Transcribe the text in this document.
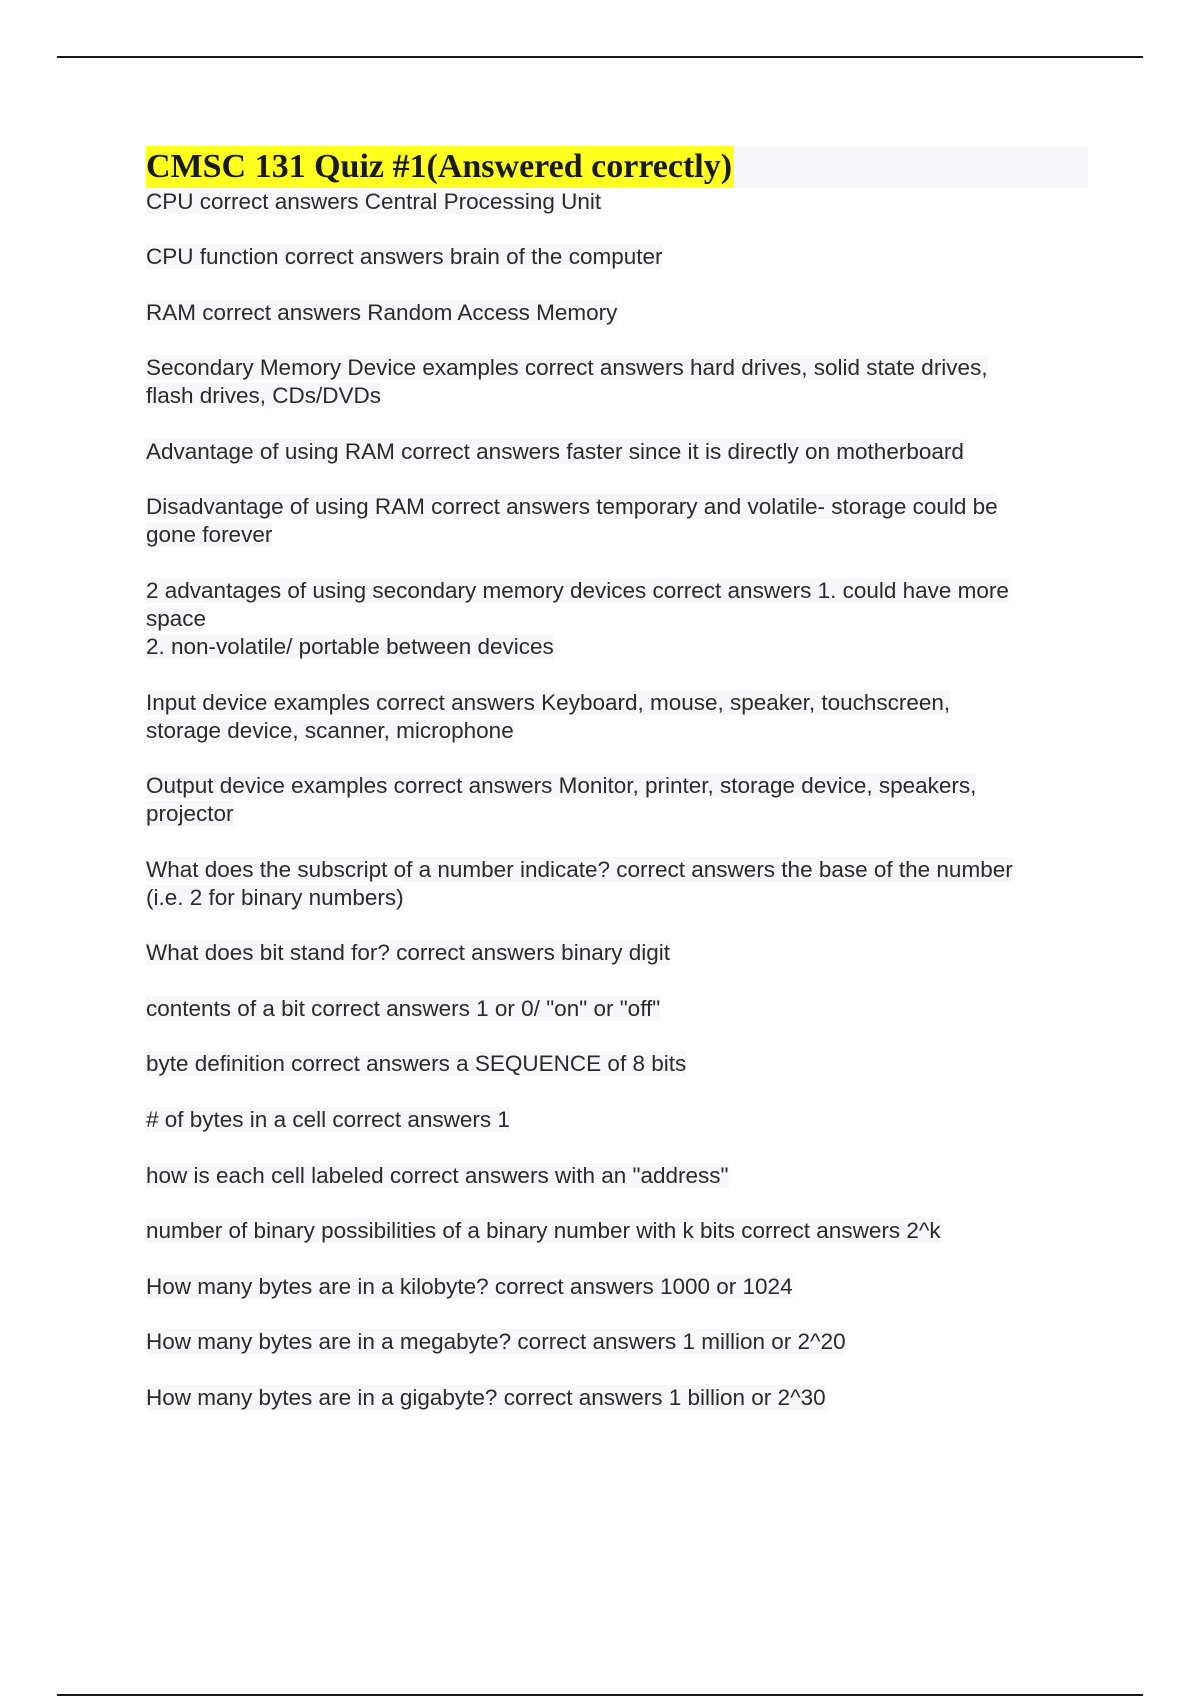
CMSC 131 Quiz #1(Answered correctly)

CPU correct answers Central Processing Unit

CPU function correct answers brain of the computer

RAM correct answers Random Access Memory

Secondary Memory Device examples correct answers hard drives, solid state drives,
flash drives, CDs/DVDs

Advantage of using RAM correct answers faster since it is directly on motherboard

Disadvantage of using RAM correct answers temporary and volatile- storage could be
gone forever

2 advantages of using secondary memory devices correct answers 1. could have more
space
2. non-volatile/ portable between devices

Input device examples correct answers Keyboard, mouse, speaker, touchscreen,
storage device, scanner, microphone

Output device examples correct answers Monitor, printer, storage device, speakers,
projector

What does the subscript of a number indicate? correct answers the base of the number
(i.e. 2 for binary numbers)

What does bit stand for? correct answers binary digit

contents of a bit correct answers 1 or 0/ "on" or "off"

byte definition correct answers a SEQUENCE of 8 bits

# of bytes in a cell correct answers 1

how is each cell labeled correct answers with an "address"

number of binary possibilities of a binary number with k bits correct answers 2^k

How many bytes are in a kilobyte? correct answers 1000 or 1024

How many bytes are in a megabyte? correct answers 1 million or 2^20

How many bytes are in a gigabyte? correct answers 1 billion or 2^30
